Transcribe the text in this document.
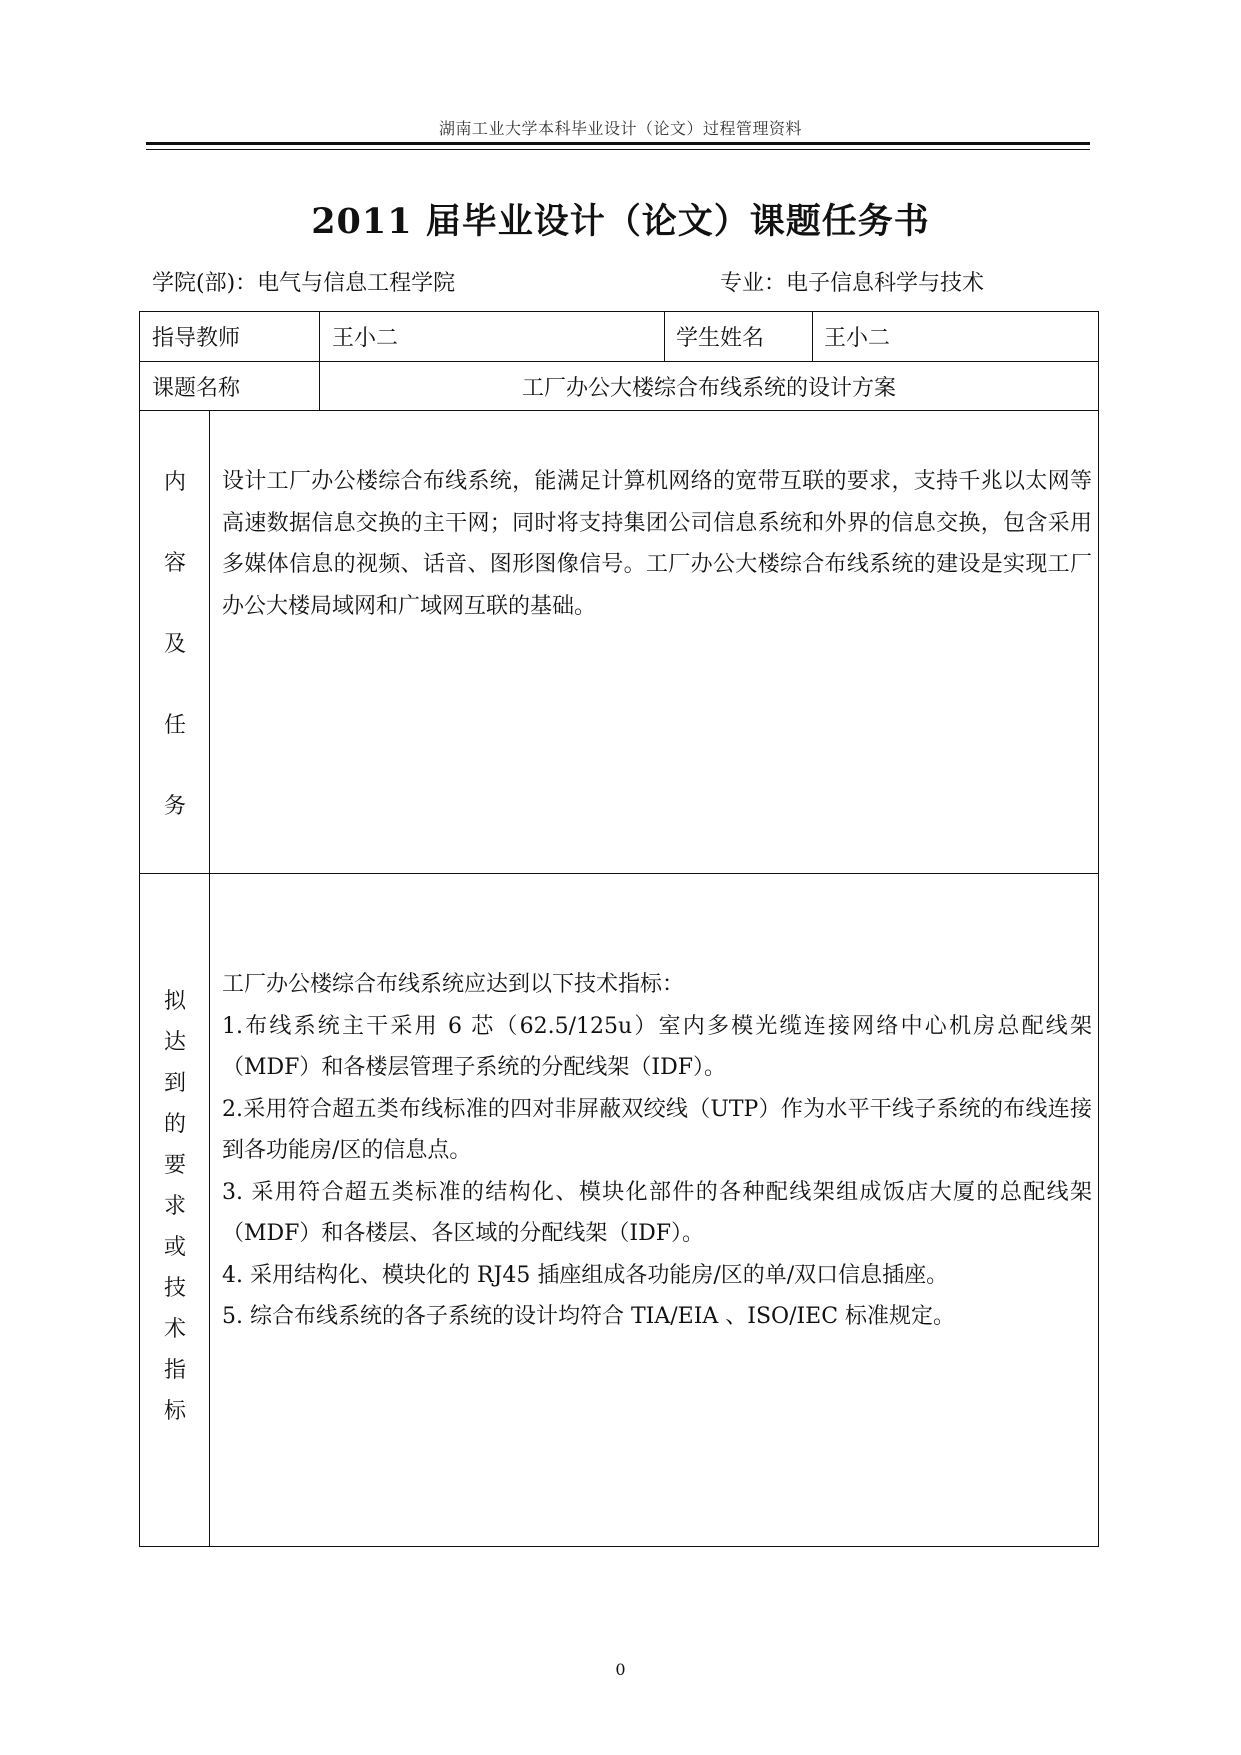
湖南工业大学本科毕业设计（论文）过程管理资料
2011 届毕业设计（论文）课题任务书
学院(部)：电气与信息工程学院	专业：电子信息科学与技术
指导教师	王小二	学生姓名	王小二
课题名称	工厂办公大楼综合布线系统的设计方案
内
容
及
任
务

设计工厂办公楼综合布线系统，能满足计算机网络的宽带互联的要求，支持千兆以太网等高速数据信息交换的主干网；同时将支持集团公司信息系统和外界的信息交换，包含采用多媒体信息的视频、话音、图形图像信号。工厂办公大楼综合布线系统的建设是实现工厂办公大楼局域网和广域网互联的基础。

拟
达
到
的
要
求
或
技
术
指
标

工厂办公楼综合布线系统应达到以下技术指标：

1.布线系统主干采用 6 芯（62.5/125u）室内多模光缆连接网络中心机房总配线架（MDF）和各楼层管理子系统的分配线架（IDF）。

2.采用符合超五类布线标准的四对非屏蔽双绞线（UTP）作为水平干线子系统的布线连接到各功能房/区的信息点。

3. 采用符合超五类标准的结构化、模块化部件的各种配线架组成饭店大厦的总配线架（MDF）和各楼层、各区域的分配线架（IDF）。

4. 采用结构化、模块化的 RJ45 插座组成各功能房/区的单/双口信息插座。

5. 综合布线系统的各子系统的设计均符合 TIA/EIA 、ISO/IEC 标准规定。

0
